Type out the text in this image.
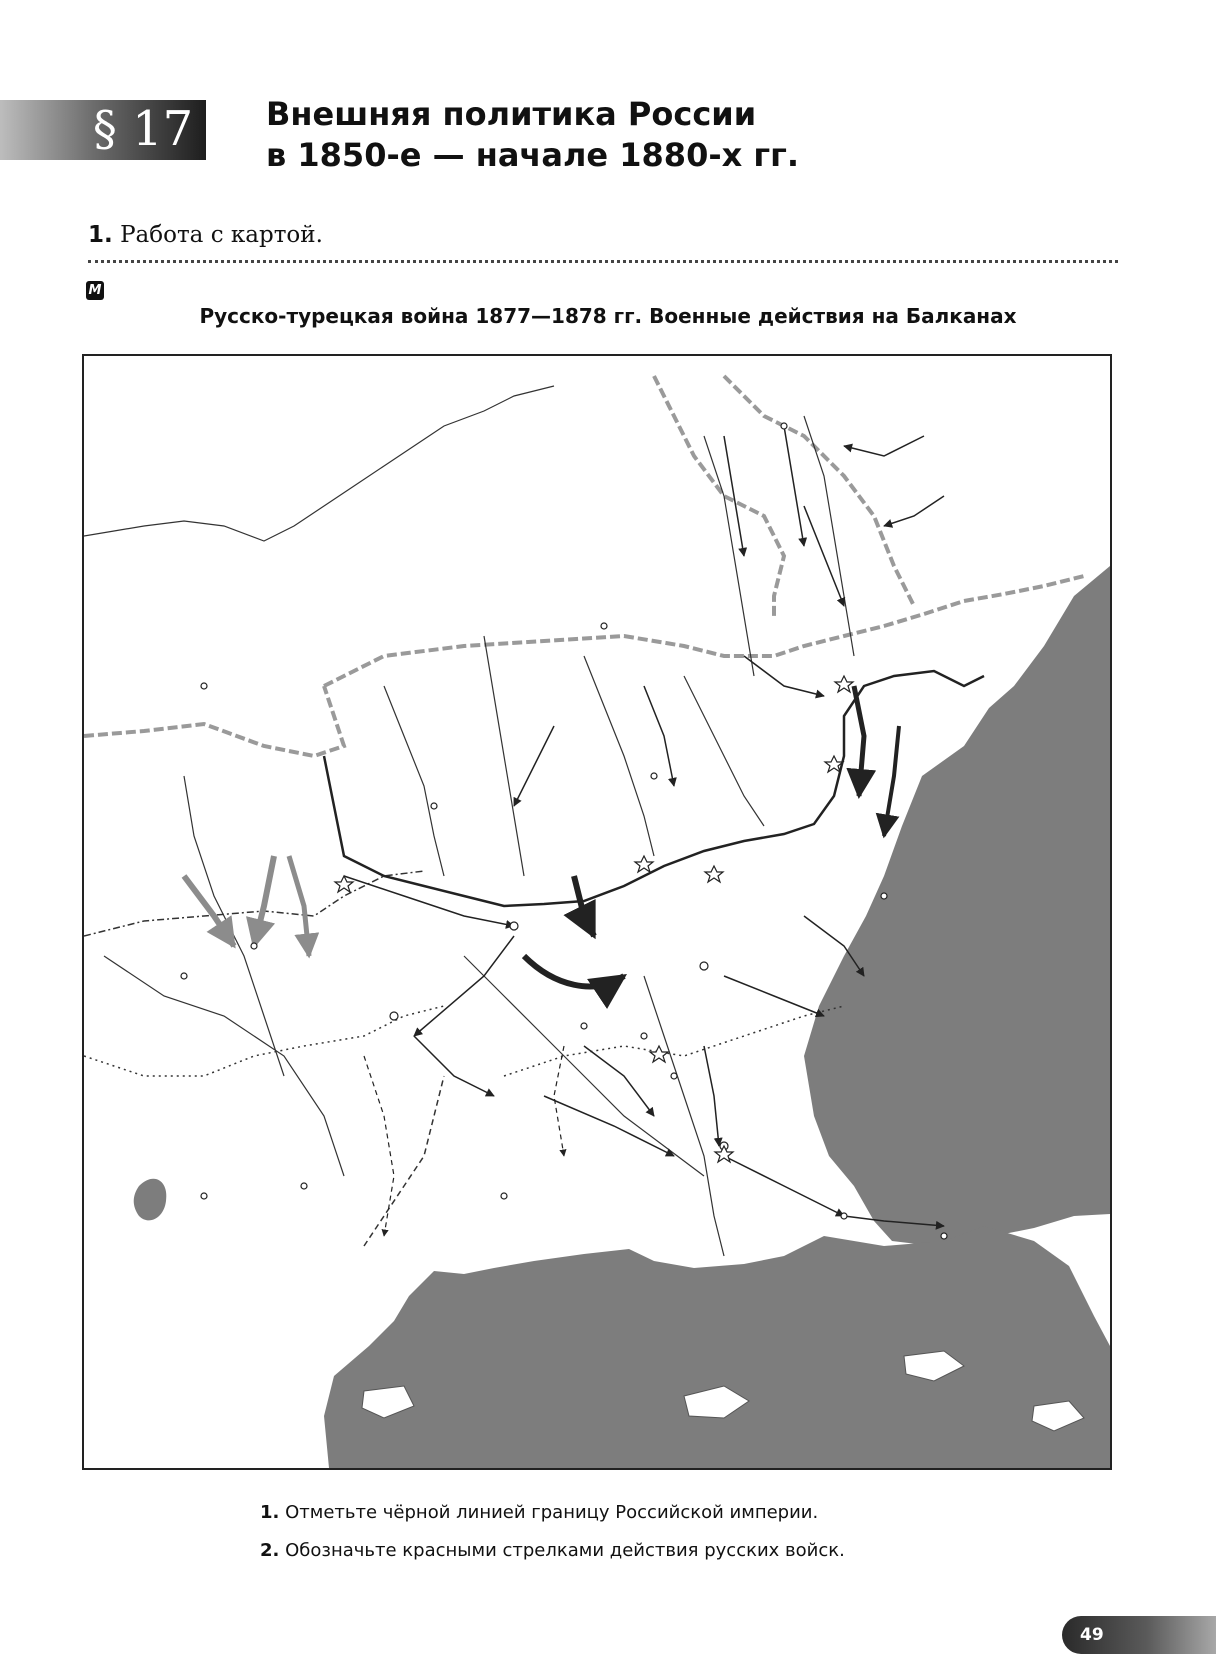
§ 17	Внешняя политика России
в 1850-е — начале 1880-х гг.
1. Работа с картой.
М
Русско-турецкая война 1877—1878 гг. Военные действия на Балканах
1. Отметьте чёрной линией границу Российской империи.
2. Обозначьте красными стрелками действия русских войск.
49
